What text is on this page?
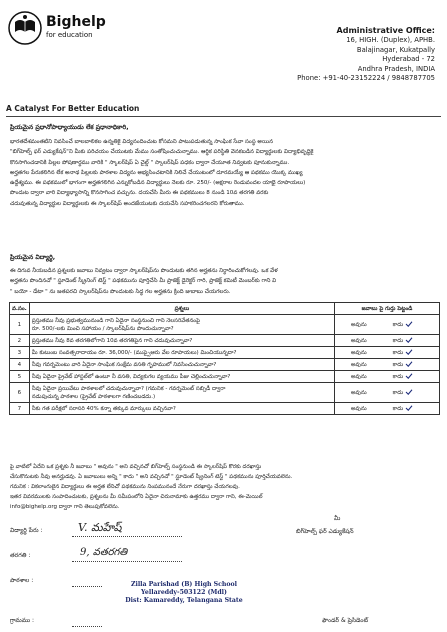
Bighelp
for education
A Catalyst For Better Education
Administrative Office:
16, HIGH. (Duplex), APHB.
Balajinagar, Kukatpally
Hyderabad - 72
Andhra Pradesh, INDIA
Phone: +91-40-23152224 / 9848787705
ప్రియమైన ప్రధానోపాధ్యాయుడు లేక ప్రధానాధికారి,
భారతదేశమంతటిని నివసించే బాలబాలికల ఉన్నతికై విద్యనందించుట కోసమని పాటుపడుతున్న సాంఘిక సేవా సంస్థ అయిన
"బిగ్‌హెల్ప్ ఫర్ ఎడ్యుకేషన్"ని మీకు పరిచయం చేయుటకు మేము సంతోషించుచున్నాము. ఆర్థిక పరిస్థితి వెనకబడిన విద్యార్థులకు విద్యాభివృద్ధికై
కొనసాగించడానికి పిల్లల పోషణార్థము వారికి " స్కాలర్‌షిప్ ఏ చైల్డ్ " స్కాలర్‌షిప్ పధకం ద్వారా చేయూత నివ్వటకు పూనుకున్నాము.
అర్హతగల పేరుకలిగిన లేక అనాథ పిల్లలకు పాఠశాల విద్యను అభ్యసించటానికి నిలిచే చేయుటంలో దూరమయ్యే ఆ పథకము యొక్క ముఖ్య
ఉద్దేశ్యము. ఈ పథకములో భాగంగా అర్హతగలిగిన ఎన్నుకోబడిన విద్యార్థులు నెలకు రూ. 250/- (అక్షరాల రెండువందల యాభై రూపాయలు)
పొందుట ద్వారా వారి విద్యాభ్యాసాన్ని కొనసాగించ వచ్చును. దయచేసి మీరు ఈ పథకములు 8 నుండి 10వ తరగతి వరకు
చదువుతున్న విద్యార్థుల విద్యార్థులకు ఈ స్కాలర్‌షిప్ అందజేయుటకు దయచేసి సహకరించగలరని కోరుతాము.
ప్రియమైన విద్యార్థి,
ఈ దిగువ నీయబడిన ప్రశ్నలకు జవాబు నివ్వటం ద్వారా స్కాలర్‌షిప్‌ను పొందుటకు తగిన అర్హతను నిర్ధారించుకోగలవు. ఒక వేళ
అర్హతను పొందినచో " స్టూడెంట్ స్క్రీనింగ్ టెస్ట్ " పథకమును పూర్తిచేసి మీ ప్రాజెక్ట్ డైరెక్టర్ గారి, ప్రాజెక్ట్ కమిటీ మెంబర్‌కు గాని వి
" బయో - డేటా " ను జతపరచి స్కాలర్‌షిప్‌ను పొందుటకు సిద్ధ గల అర్హతను క్రింది జుబాబు చేయగలరు.
వ.సం.	ప్రశ్నలు	జవాబు పై గుర్తు పెట్టండి
1	ప్రస్తుతము నీవు ప్రభుత్వమునుండి గాని ఏదైనా సంస్థనుంచి గాని నెలసరివేతనంపై
రూ. 500/-లకు మించి సహాయం / స్కాలర్‌షిప్‌ను పొందుచున్నావా?	అవును కాదు
2	ప్రస్తుతము నీవు 8వ తరగతిలోగాని 10వ తరగతిపైన గాని చదువుచున్నావా?	అవును కాదు
3	మీ కుటుంబ సంవత్సరాదాయం రూ. 36,000/- (ముప్పైఆరు వేల రూపాయలు) మించియున్నదా?	అవును కాదు
4	నీవు గవర్నమెంటు వారి ఏదైనా సాంఘిక సంక్షేమ వసతి గృహములో నివసించుచున్నావా?	అవును కాదు
5	నీవు ఏదైనా ప్రైవేట్ హాస్టల్‌లో ఉంటూ నీ వసతి, విద్యకుగల వ్యయము పీజు చెల్లించుచున్నావా?	అవును కాదు
6	నీవు ఏదైనా ప్రయివేటు పాఠశాలలో చదువుచున్నావా? (గమనిక - గవర్నమెంట్ సబ్సిడీ ద్వారా
నడుపుచున్న పాఠశాల (ప్రైవేట్ పాఠశాలగా గణించబడదు.)	అవును కాదు
7	నీకు గత పరీక్షలో సరాసరి 40% కన్నా తక్కువ మార్కులు వచ్చినవా?	అవును కాదు
పై వాటిలో ఏదేని ఒక ప్రశ్నకు నీ జవాబు " అవును " అని వచ్చినచో బిగ్‌హెల్ప్ సంస్థనుండి ఈ స్కాలర్‌షిప్ కొరకు దరఖాస్తు
చేసుకొనుటకు నీవు అనర్హుడవు. ఏ జవాబులు అన్ని " కాదు " అని వచ్చినచో " స్టూడెంట్ స్క్రీనింగ్ టెస్ట్ " పథకమును పూర్తిచేయవలెను.
గమనిక : వికలాంగులైన విద్యార్థులు ఈ అర్హత లేనిచో పథకమును నింపమునందే నేరుగా దరఖాస్తు చేయగలవు.
ఇతర వివరములకు సంపాదించుటకు, ప్రశ్నలను మీ సమీపంలోని ఏదైనా చిరునామాకు ఉత్తరము ద్వారా గాని, ఈ-మెయిల్
info@bighelp.org ద్వారా గాని తెలుపుకోవలెను.
విద్యార్థి పేరు :	V. మహేష్
తరగతి :	9, వతరగతి
పాఠశాల :
గ్రామము :
Zilla Parishad (B) High School
Yellareddy-503122 (Mdl)
Dist: Kamareddy, Telangana State
మీ
బిగ్‌హెల్ప్ ఫర్ ఎడ్యుకేషన్
ఫౌండర్ & ప్రెసిడెంట్
